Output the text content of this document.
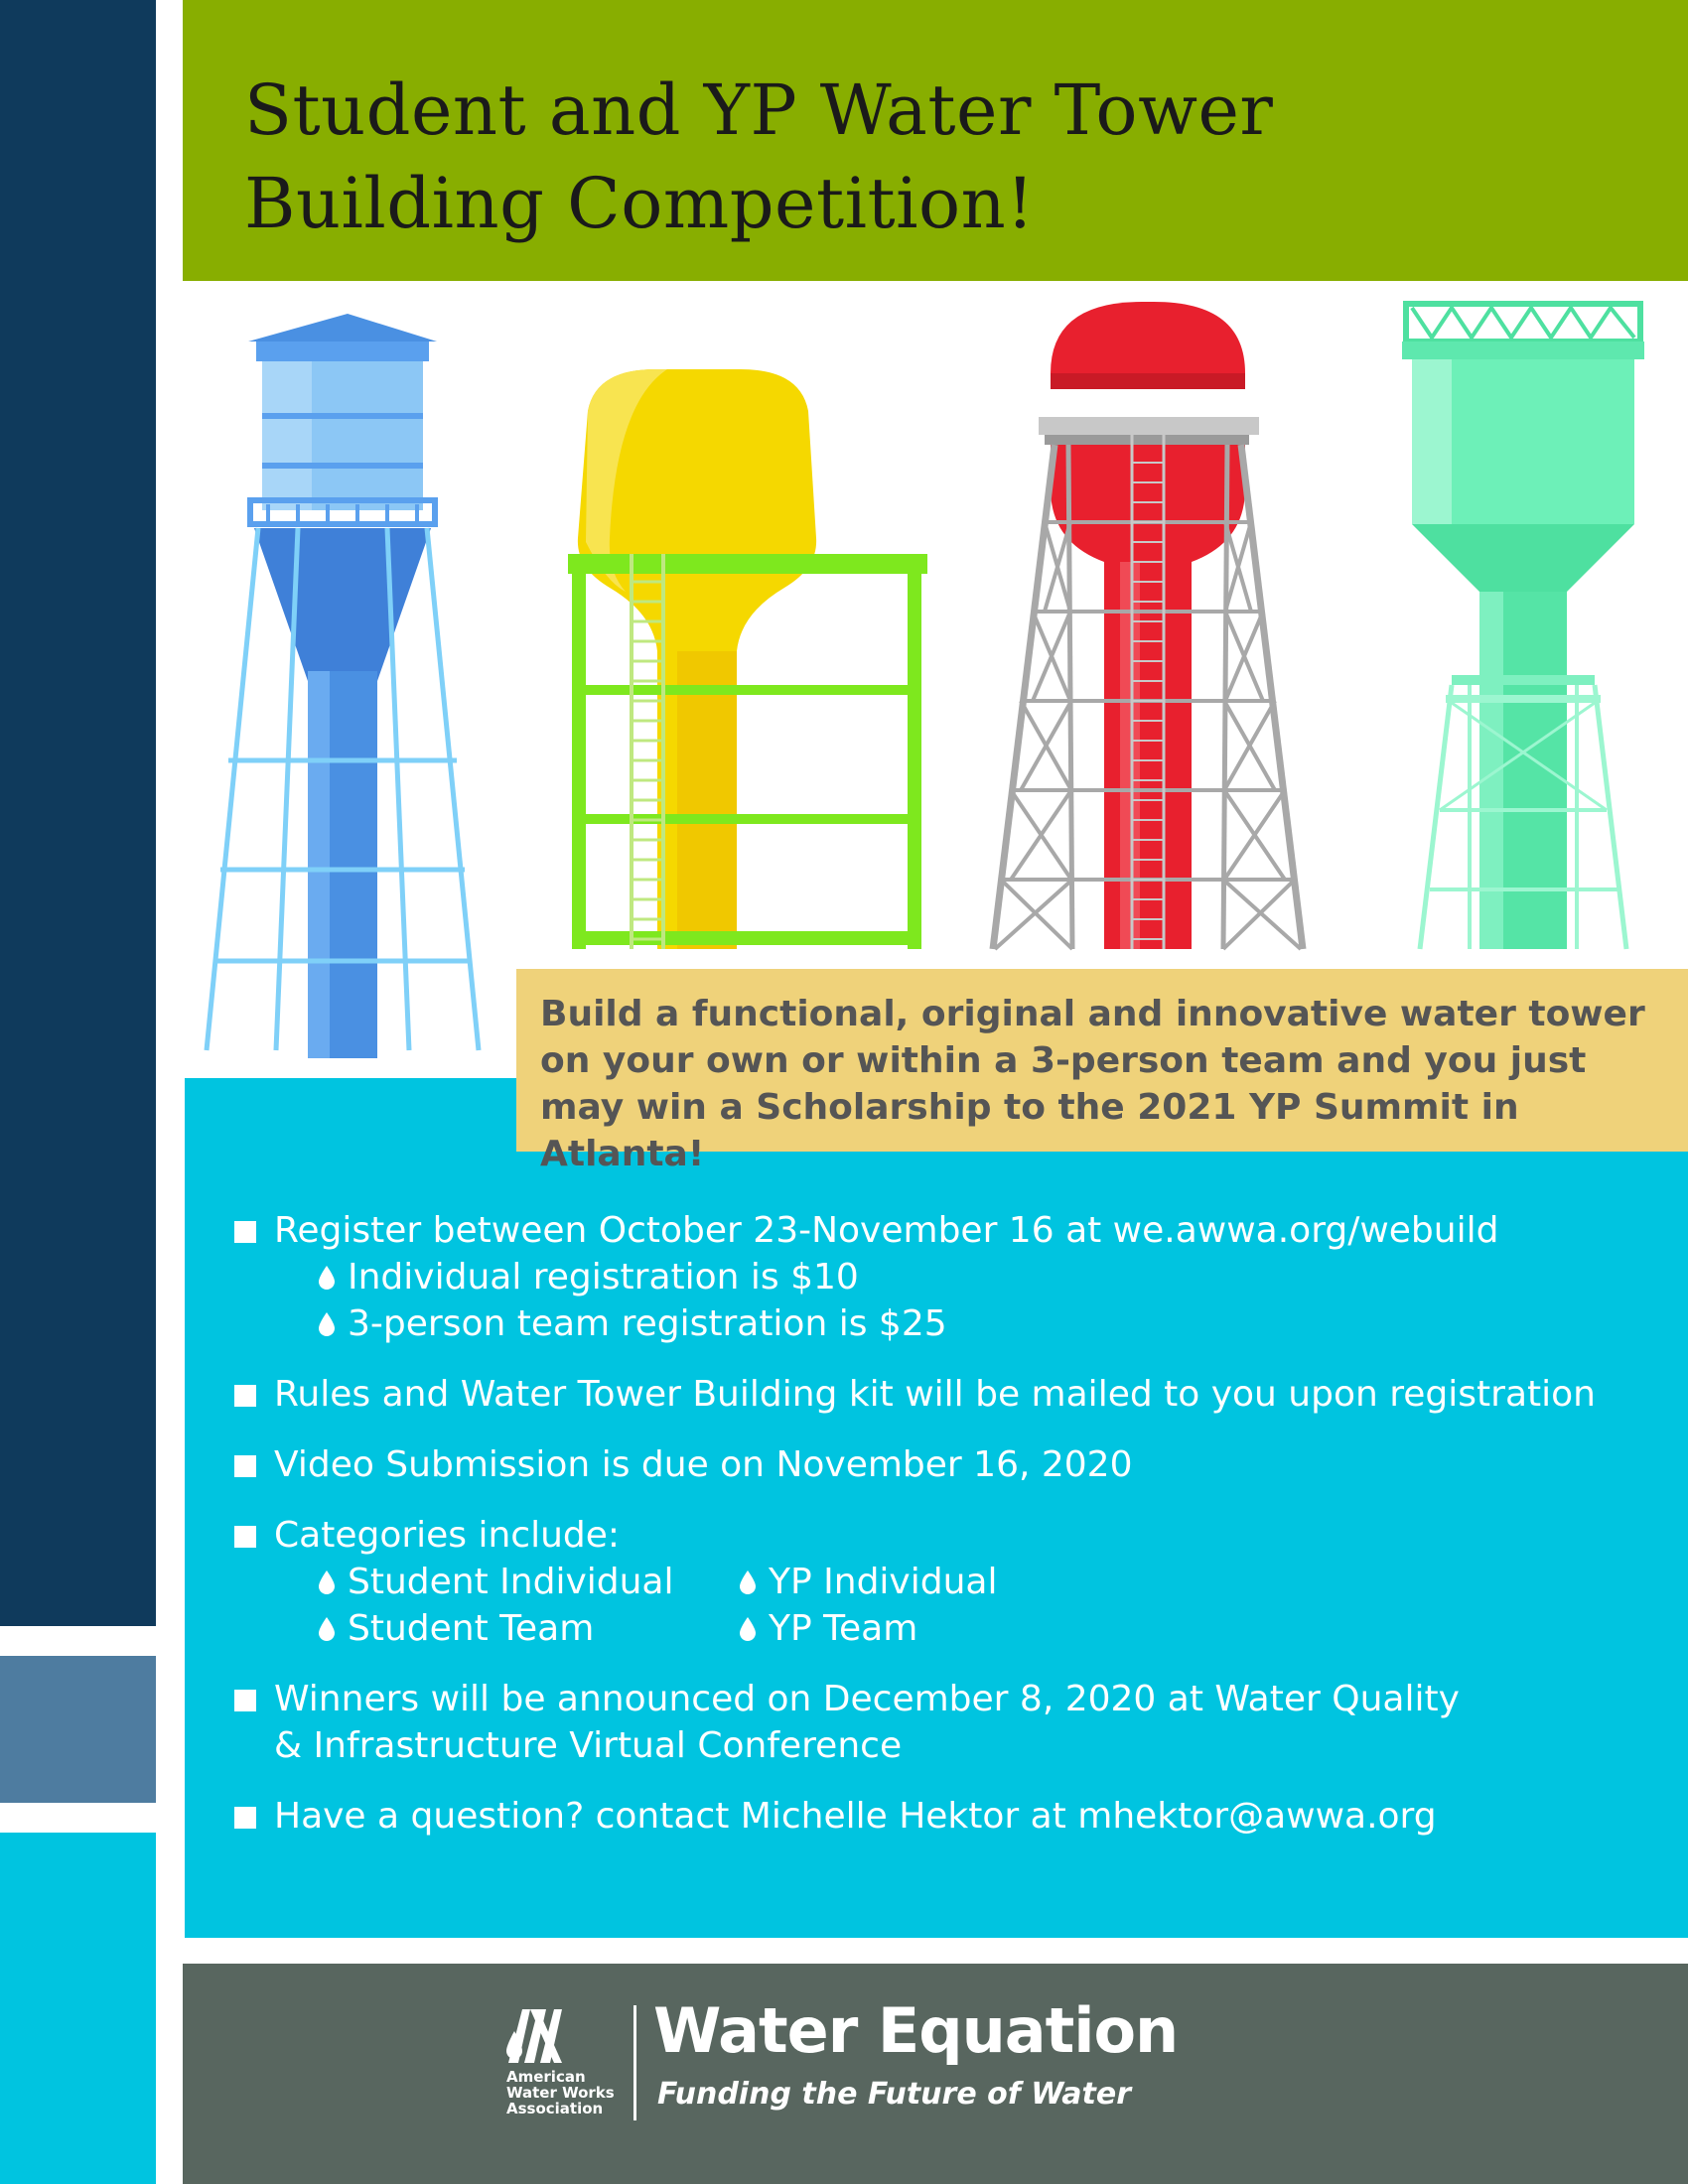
Student and YP Water Tower
Building Competition!

Build a functional, original and innovative water tower
on your own or within a 3-person team and you just
may win a Scholarship to the 2021 YP Summit in Atlanta!

Register between October 23-November 16 at we.awwa.org/webuild
Individual registration is $10
3-person team registration is $25
Rules and Water Tower Building kit will be mailed to you upon registration
Video Submission is due on November 16, 2020
Categories include:
Student Individual
Student Team
YP Individual
YP Team
Winners will be announced on December 8, 2020 at Water Quality
& Infrastructure Virtual Conference
Have a question? contact Michelle Hektor at mhektor@awwa.org
American
Water Works
Association
Water Equation
Funding the Future of Water
